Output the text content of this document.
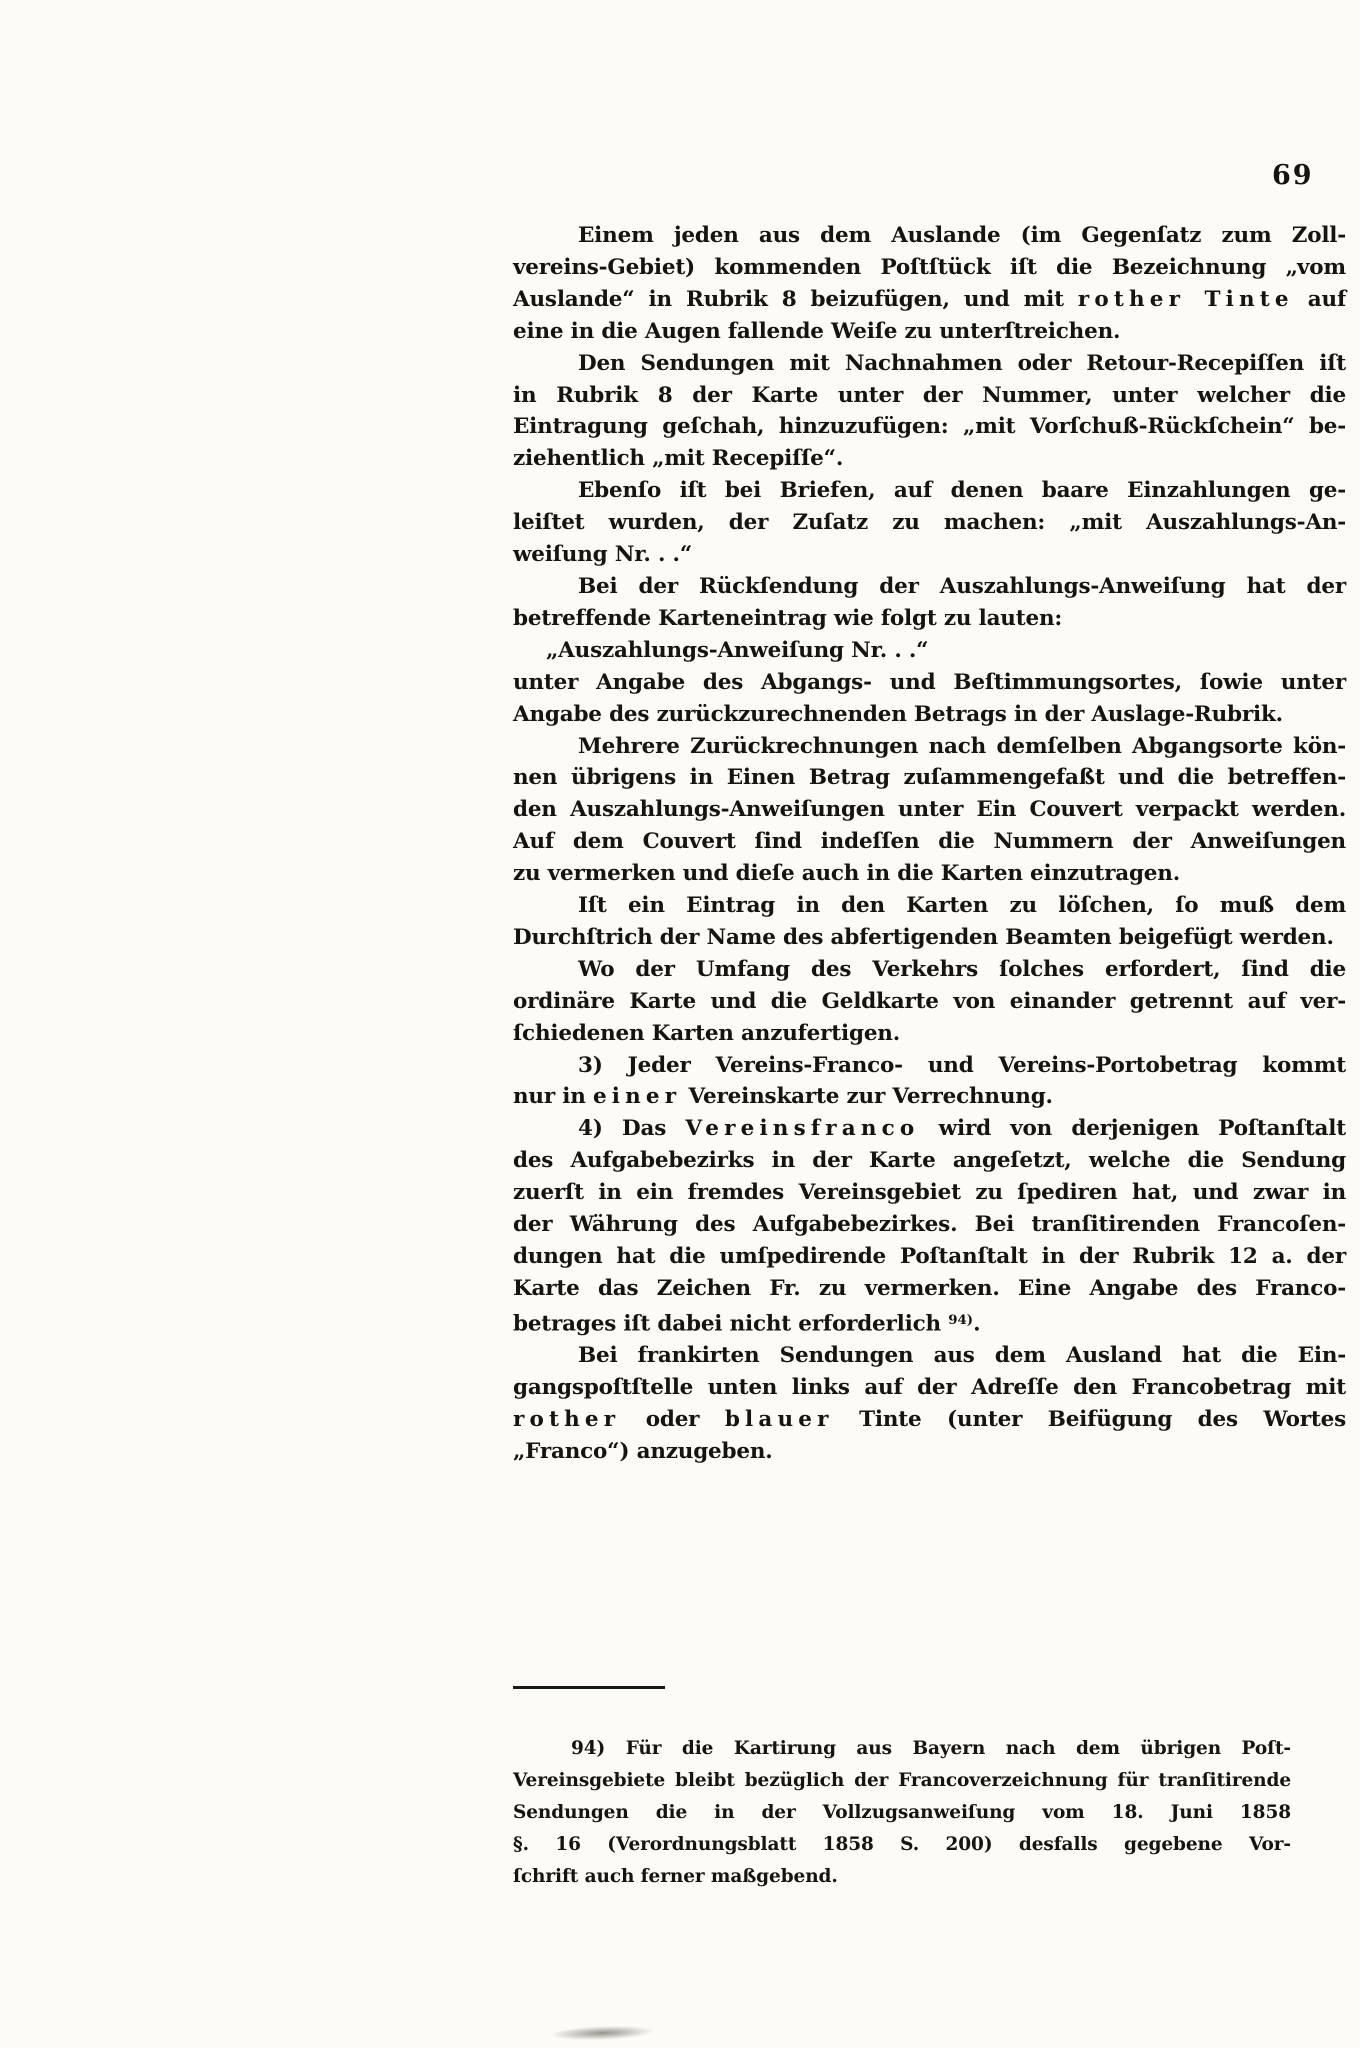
69
Einem jeden aus dem Auslande (im Gegenſatz zum Zoll-
vereins-Gebiet) kommenden Poſtſtück iſt die Bezeichnung „vom
Auslande“ in Rubrik 8 beizufügen, und mit rother Tinte auf
eine in die Augen fallende Weiſe zu unterſtreichen.
Den Sendungen mit Nachnahmen oder Retour-Recepiſſen iſt
in Rubrik 8 der Karte unter der Nummer, unter welcher die
Eintragung geſchah, hinzuzufügen: „mit Vorſchuß-Rückſchein“ be-
ziehentlich „mit Recepiſſe“.
Ebenſo iſt bei Briefen, auf denen baare Einzahlungen ge-
leiſtet wurden, der Zuſatz zu machen: „mit Auszahlungs-An-
weiſung Nr. . .“
Bei der Rückſendung der Auszahlungs-Anweiſung hat der
betreffende Karteneintrag wie folgt zu lauten:
„Auszahlungs-Anweiſung Nr. . .“
unter Angabe des Abgangs- und Beſtimmungsortes, ſowie unter
Angabe des zurückzurechnenden Betrags in der Auslage-Rubrik.
Mehrere Zurückrechnungen nach demſelben Abgangsorte kön-
nen übrigens in Einen Betrag zuſammengefaßt und die betreffen-
den Auszahlungs-Anweiſungen unter Ein Couvert verpackt werden.
Auf dem Couvert ſind indeſſen die Nummern der Anweiſungen
zu vermerken und dieſe auch in die Karten einzutragen.
Iſt ein Eintrag in den Karten zu löſchen, ſo muß dem
Durchſtrich der Name des abfertigenden Beamten beigefügt werden.
Wo der Umfang des Verkehrs ſolches erfordert, ſind die
ordinäre Karte und die Geldkarte von einander getrennt auf ver-
ſchiedenen Karten anzufertigen.
3) Jeder Vereins-Franco- und Vereins-Portobetrag kommt
nur in einer Vereinskarte zur Verrechnung.
4) Das Vereinsfranco wird von derjenigen Poſtanſtalt
des Aufgabebezirks in der Karte angeſetzt, welche die Sendung
zuerſt in ein fremdes Vereinsgebiet zu ſpediren hat, und zwar in
der Währung des Aufgabebezirkes. Bei tranſitirenden Francoſen-
dungen hat die umſpedirende Poſtanſtalt in der Rubrik 12 a. der
Karte das Zeichen Fr. zu vermerken. Eine Angabe des Franco-
betrages iſt dabei nicht erforderlich $^{94)}$.
Bei frankirten Sendungen aus dem Ausland hat die Ein-
gangspoſtſtelle unten links auf der Adreſſe den Francobetrag mit
rother oder blauer Tinte (unter Beifügung des Wortes
„Franco“) anzugeben.
94) Für die Kartirung aus Bayern nach dem übrigen Poſt-
Vereinsgebiete bleibt bezüglich der Francoverzeichnung für tranſitirende
Sendungen die in der Vollzugsanweiſung vom 18. Juni 1858
§. 16 (Verordnungsblatt 1858 S. 200) desfalls gegebene Vor-
ſchrift auch ferner maßgebend.
